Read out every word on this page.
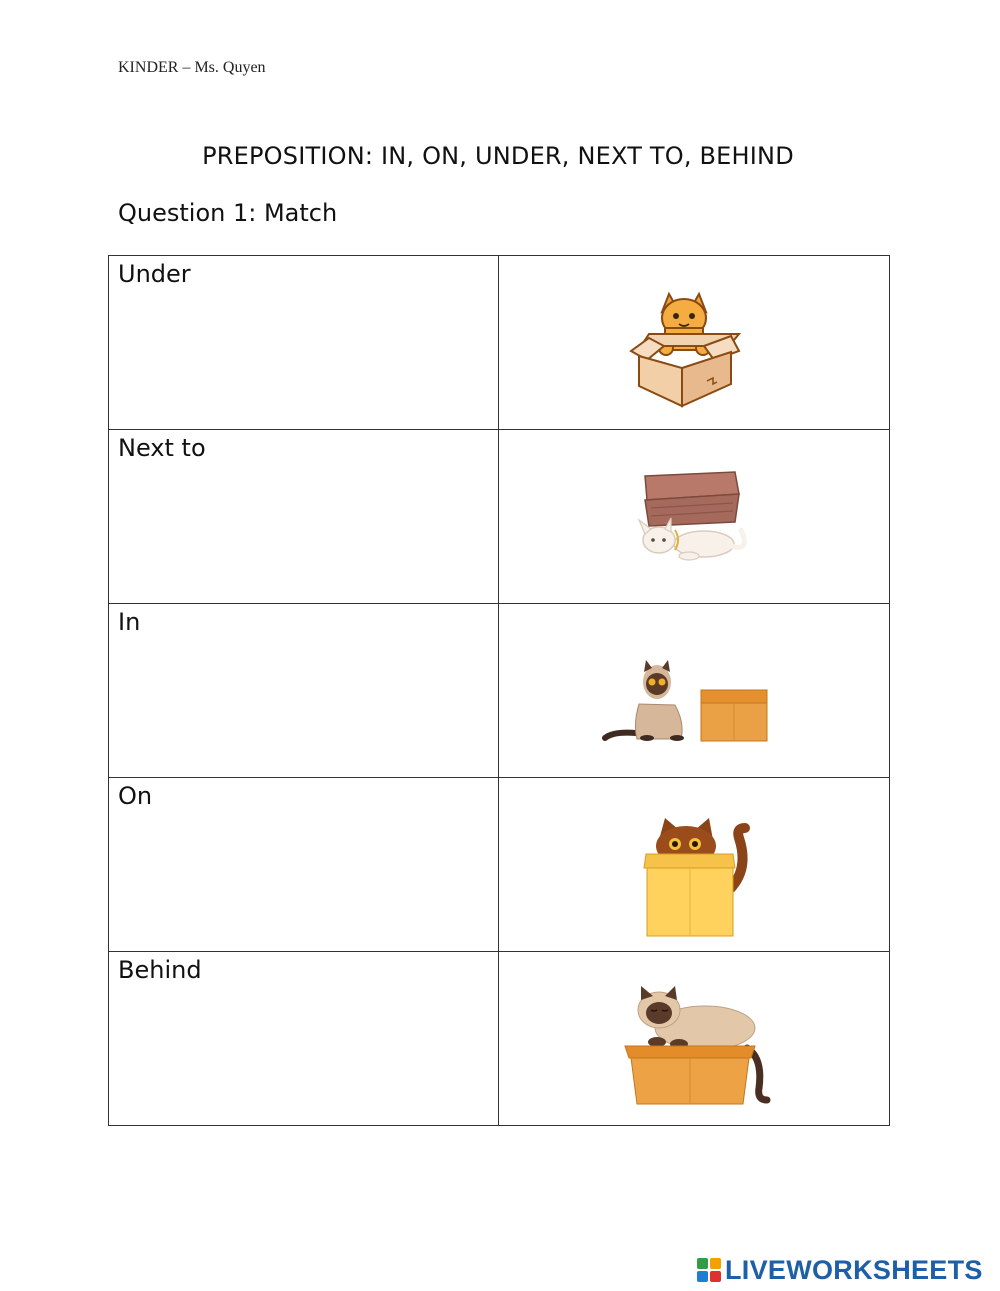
KINDER – Ms. Quyen
PREPOSITION: IN, ON, UNDER, NEXT TO, BEHIND
Question 1: Match
Under

Next to

In

On

Behind

LIVEWORKSHEETS
